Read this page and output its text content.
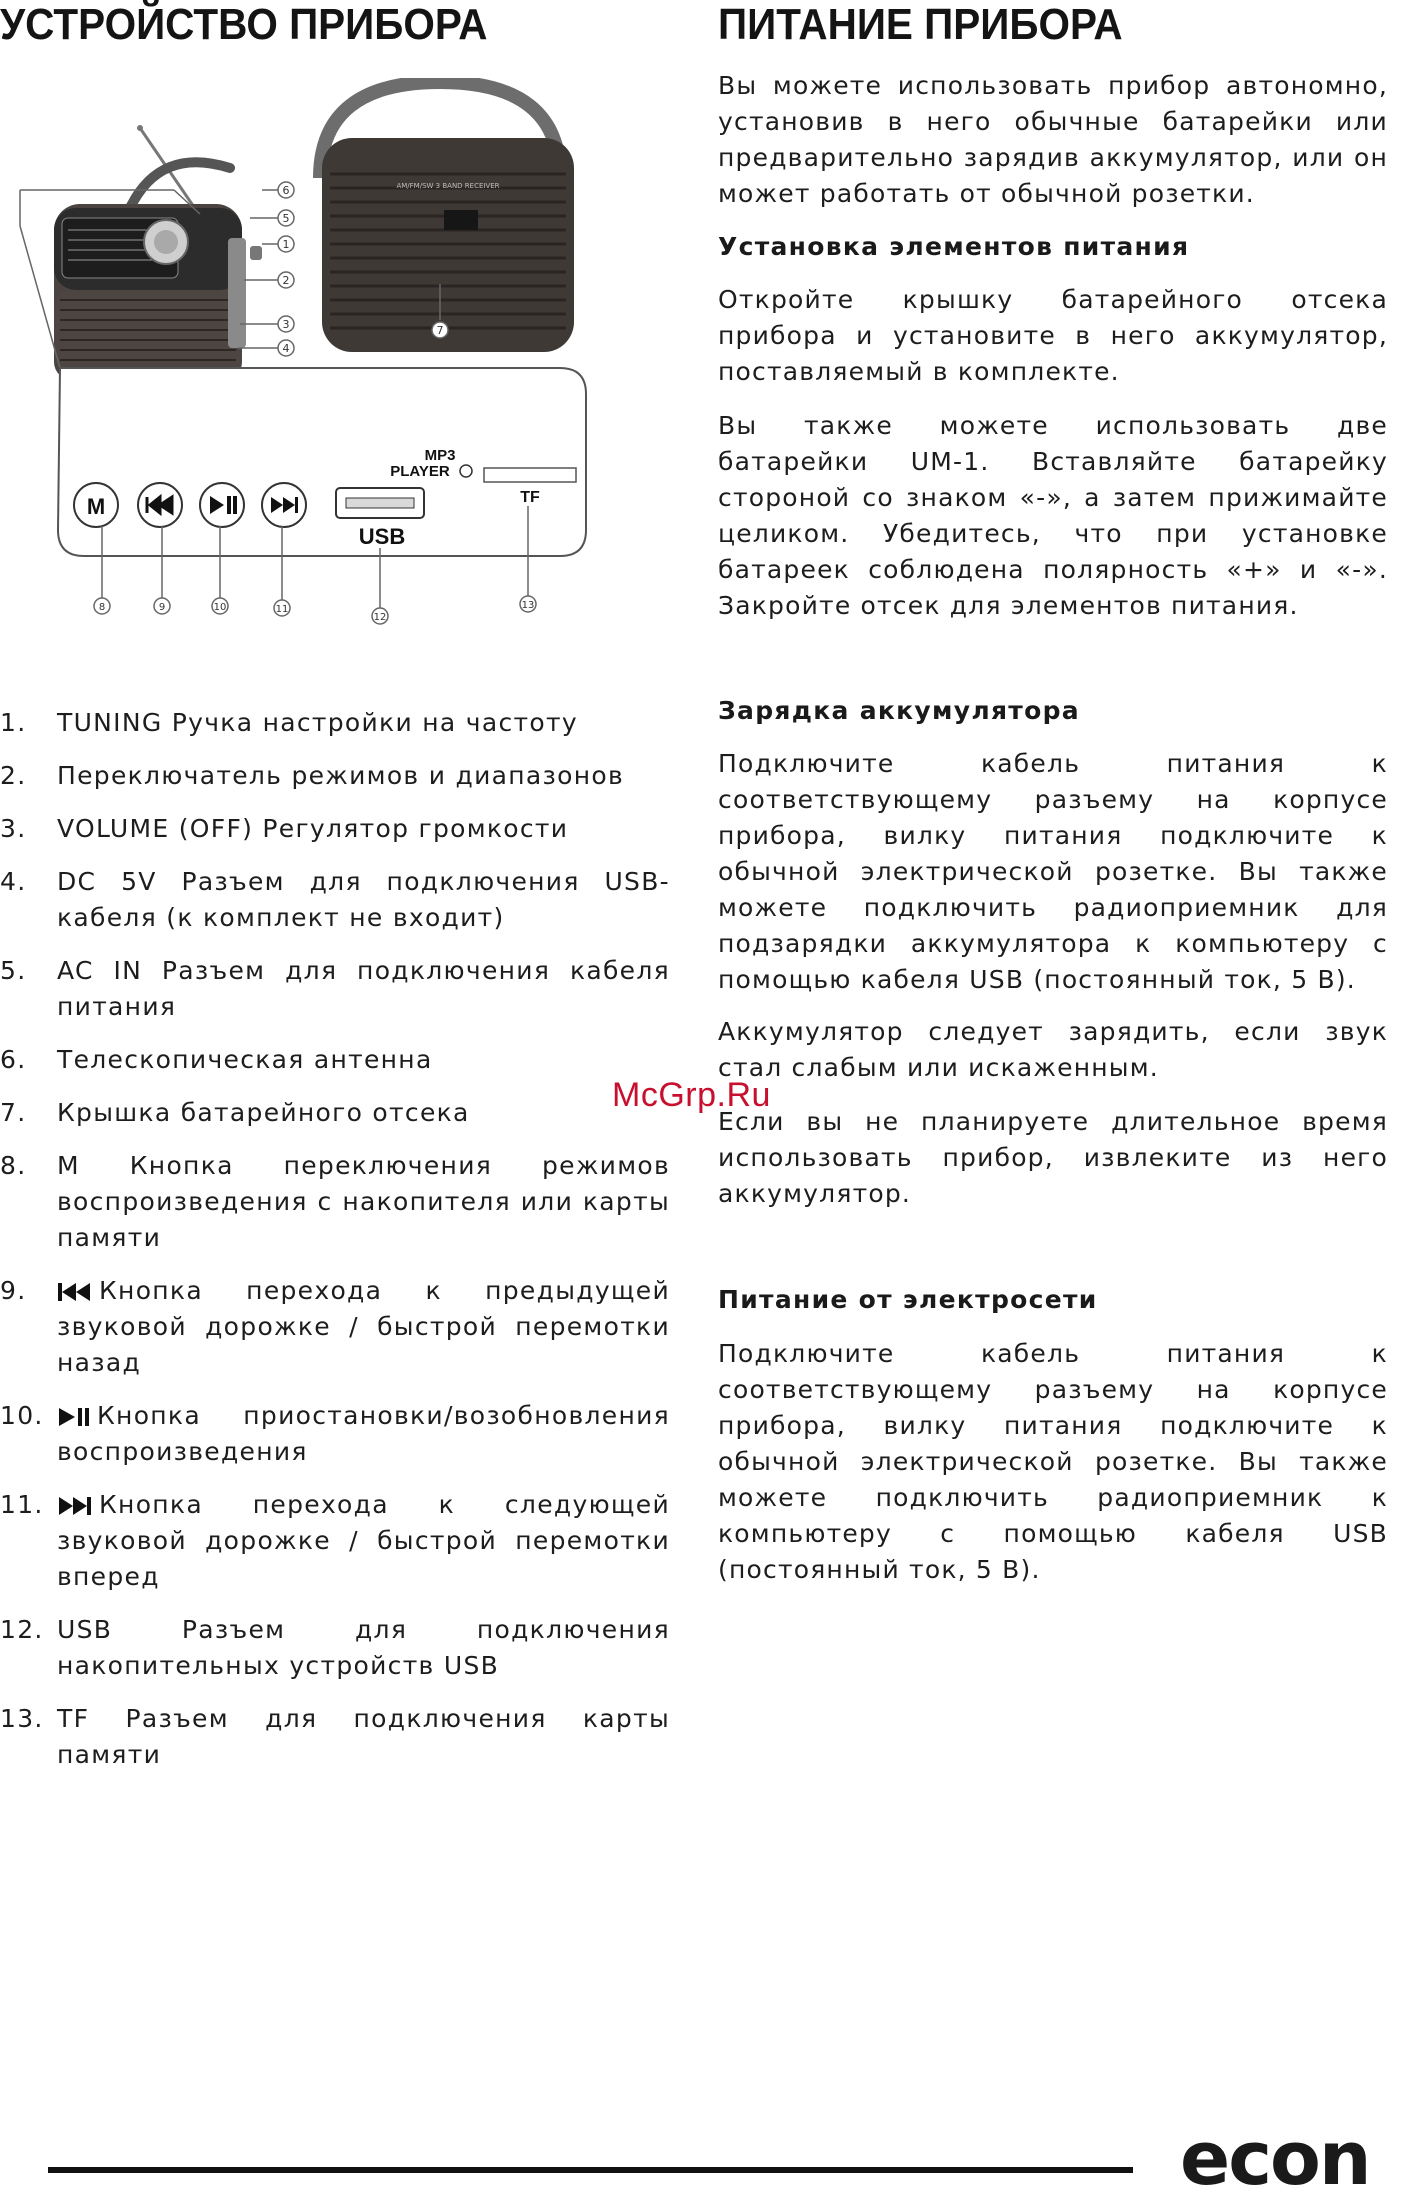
УСТРОЙСТВО ПРИБОРА	ПИТАНИЕ ПРИБОРА
AM/FM/SW 3 BAND RECEIVER
6
5
1
2
3
4
7
M
USB
MP3
PLAYER
TF
8	9	10	11
12
13

Вы можете использовать прибор автономно, установив в него обычные батарейки или предварительно зарядив аккумулятор, или он может работать от обычной розетки.

Установка элементов питания

Откройте крышку батарейного отсека прибора и установите в него аккумулятор, поставляемый в комплекте.

Вы также можете использовать две батарейки UM-1. Вставляйте батарейку стороной со знаком «-», а затем прижимайте целиком. Убедитесь, что при установке батареек соблюдена полярность «+» и «-». Закройте отсек для элементов питания.

Зарядка аккумулятора

Подключите кабель питания к соответствующему разъему на корпусе прибора, вилку питания подключите к обычной электрической розетке. Вы также можете подключить радиоприемник для подзарядки аккумулятора к компьютеру с помощью кабеля USB (постоянный ток, 5 В).

Аккумулятор следует зарядить, если звук стал слабым или искаженным.

Если вы не планируете длительное время использовать прибор, извлеките из него аккумулятор.

Питание от электросети

Подключите кабель питания к соответствующему разъему на корпусе прибора, вилку питания подключите к обычной электрической розетке. Вы также можете подключить радиоприемник к компьютеру с помощью кабеля USB (постоянный ток, 5 В).

1. TUNING Ручка настройки на частоту
2. Переключатель режимов и диапазонов
3. VOLUME (OFF) Регулятор громкости
4. DC 5V Разъем для подключения USB-кабеля (к комплект не входит)
5. AC IN Разъем для подключения кабеля питания
6. Телескопическая антенна
7. Крышка батарейного отсека
8. M Кнопка переключения режимов воспроизведения с накопителя или карты памяти
9.	Кнопка перехода к предыдущей звуковой дорожке / быстрой перемотки назад
10.	Кнопка приостановки/возобновления воспроизведения
11.	Кнопка перехода к следующей звуковой дорожке / быстрой перемотки вперед
12. USB Разъем для подключения накопительных устройств USB
13. TF Разъем для подключения карты памяти
McGrp.Ru
econ
